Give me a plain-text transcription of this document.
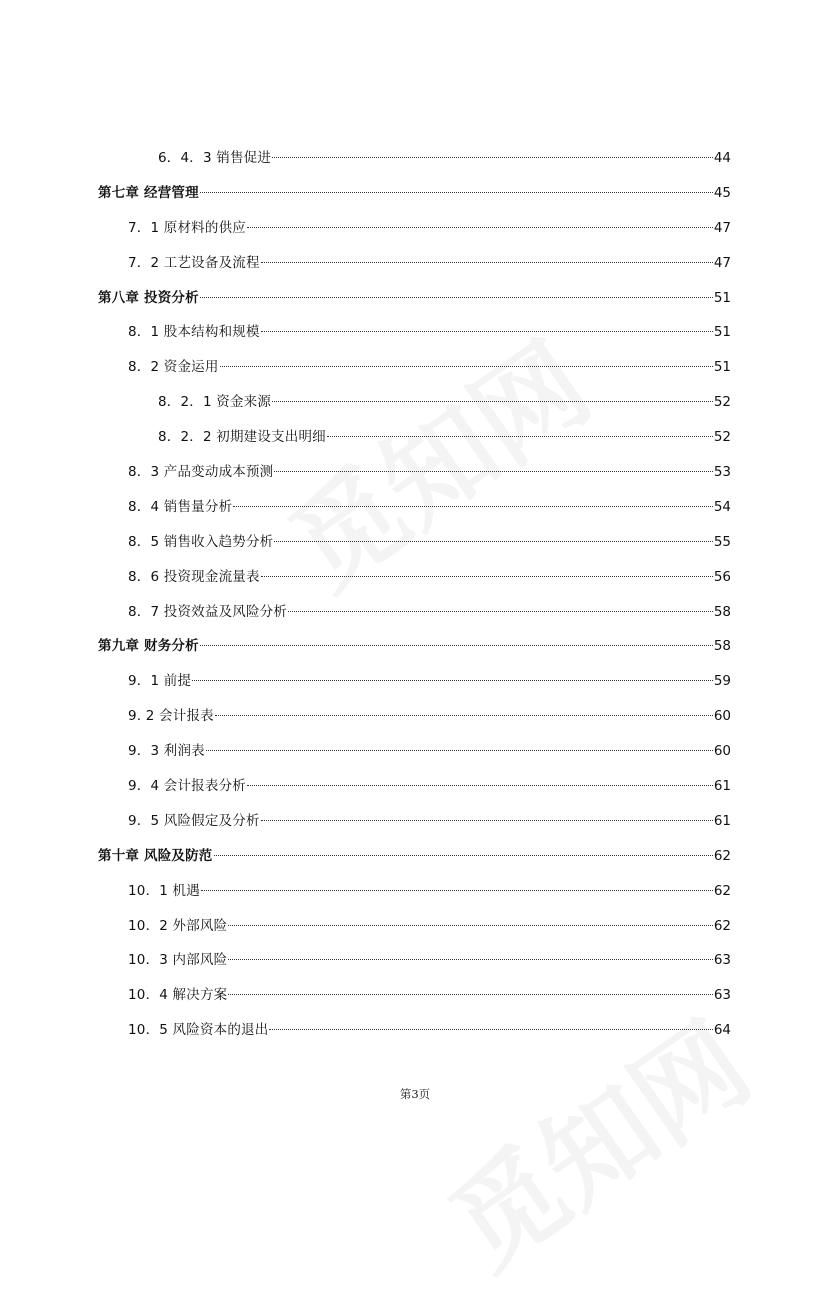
6．4．3 销售促进	44
第七章 经营管理	45
7．1 原材料的供应	47
7．2 工艺设备及流程	47
第八章 投资分析	51
8．1 股本结构和规模	51
8．2 资金运用	51
8．2．1 资金来源	52
8．2．2 初期建设支出明细	52
8．3 产品变动成本预测	53
8．4 销售量分析	54
8．5 销售收入趋势分析	55
8．6 投资现金流量表	56
8．7 投资效益及风险分析	58
第九章 财务分析	58
9．1 前提	59
9. 2 会计报表	60
9．3 利润表	60
9．4 会计报表分析	61
9．5 风险假定及分析	61
第十章 风险及防范	62
10．1 机遇	62
10．2 外部风险	62
10．3 内部风险	63
10．4 解决方案	63
10．5 风险资本的退出	64
第3页
